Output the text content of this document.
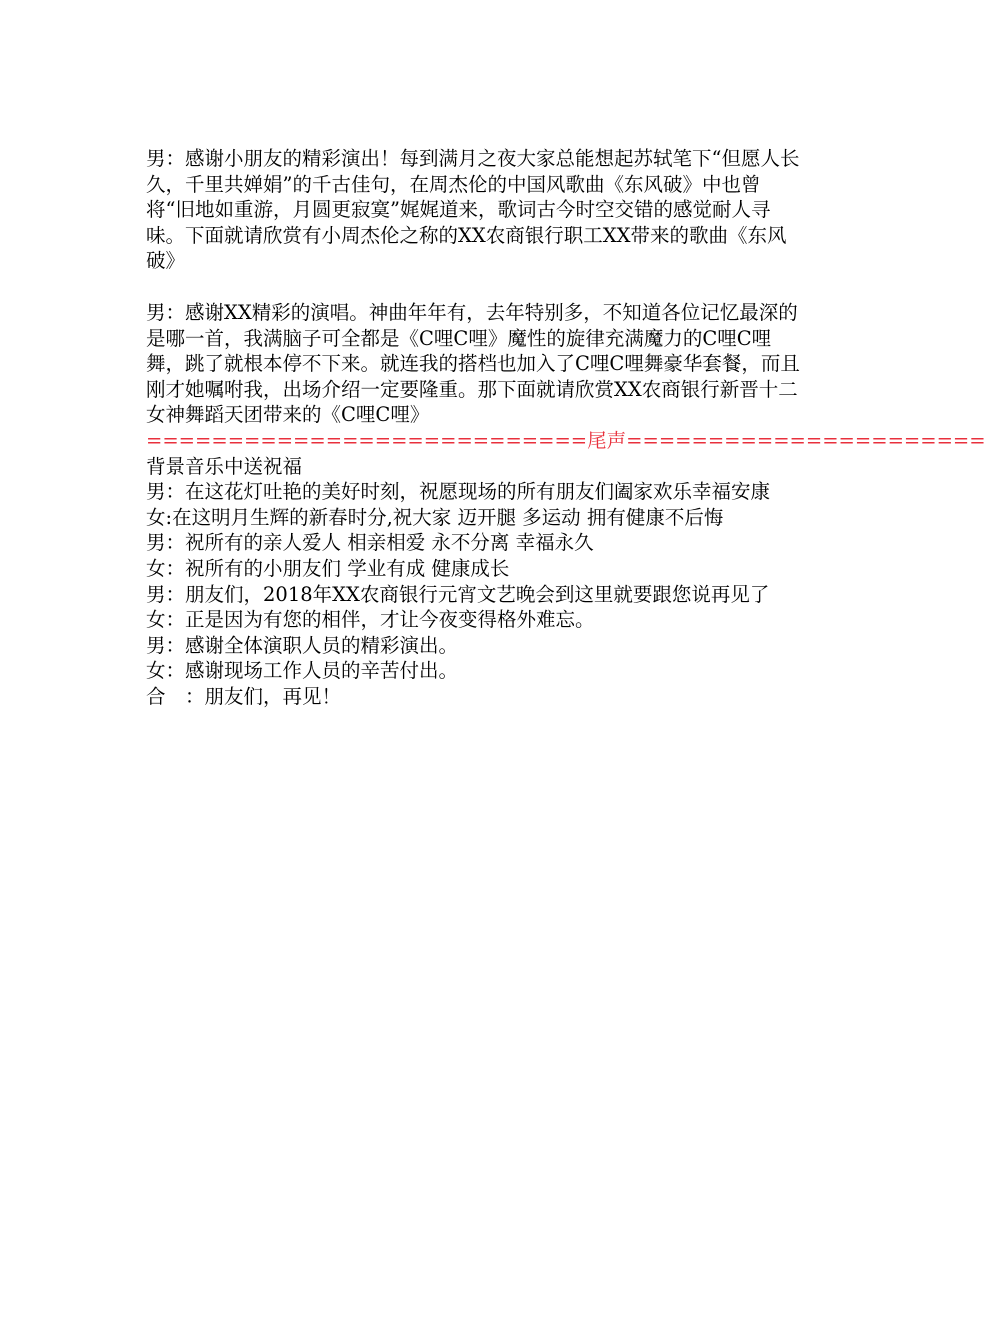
男：感谢小朋友的精彩演出！每到满月之夜大家总能想起苏轼笔下“但愿人长久，千里共婵娟”的千古佳句，在周杰伦的中国风歌曲《东风破》中也曾将“旧地如重游，月圆更寂寞”娓娓道来，歌词古今时空交错的感觉耐人寻味。下面就请欣赏有小周杰伦之称的XX农商银行职工XX带来的歌曲《东风破》

男：感谢XX精彩的演唱。神曲年年有，去年特别多，不知道各位记忆最深的是哪一首，我满脑子可全都是《C哩C哩》魔性的旋律充满魔力的C哩C哩舞，跳了就根本停不下来。就连我的搭档也加入了C哩C哩舞豪华套餐，而且刚才她嘱咐我，出场介绍一定要隆重。那下面就请欣赏XX农商银行新晋十二女神舞蹈天团带来的《C哩C哩》

===========================尾声======================

背景音乐中送祝福

男：在这花灯吐艳的美好时刻，祝愿现场的所有朋友们阖家欢乐幸福安康

女:在这明月生辉的新春时分,祝大家 迈开腿 多运动 拥有健康不后悔

男：祝所有的亲人爱人 相亲相爱 永不分离 幸福永久

女：祝所有的小朋友们 学业有成 健康成长

男：朋友们，2018年XX农商银行元宵文艺晚会到这里就要跟您说再见了

女：正是因为有您的相伴，才让今夜变得格外难忘。

男：感谢全体演职人员的精彩演出。

女：感谢现场工作人员的辛苦付出。

合　：朋友们，再见！
